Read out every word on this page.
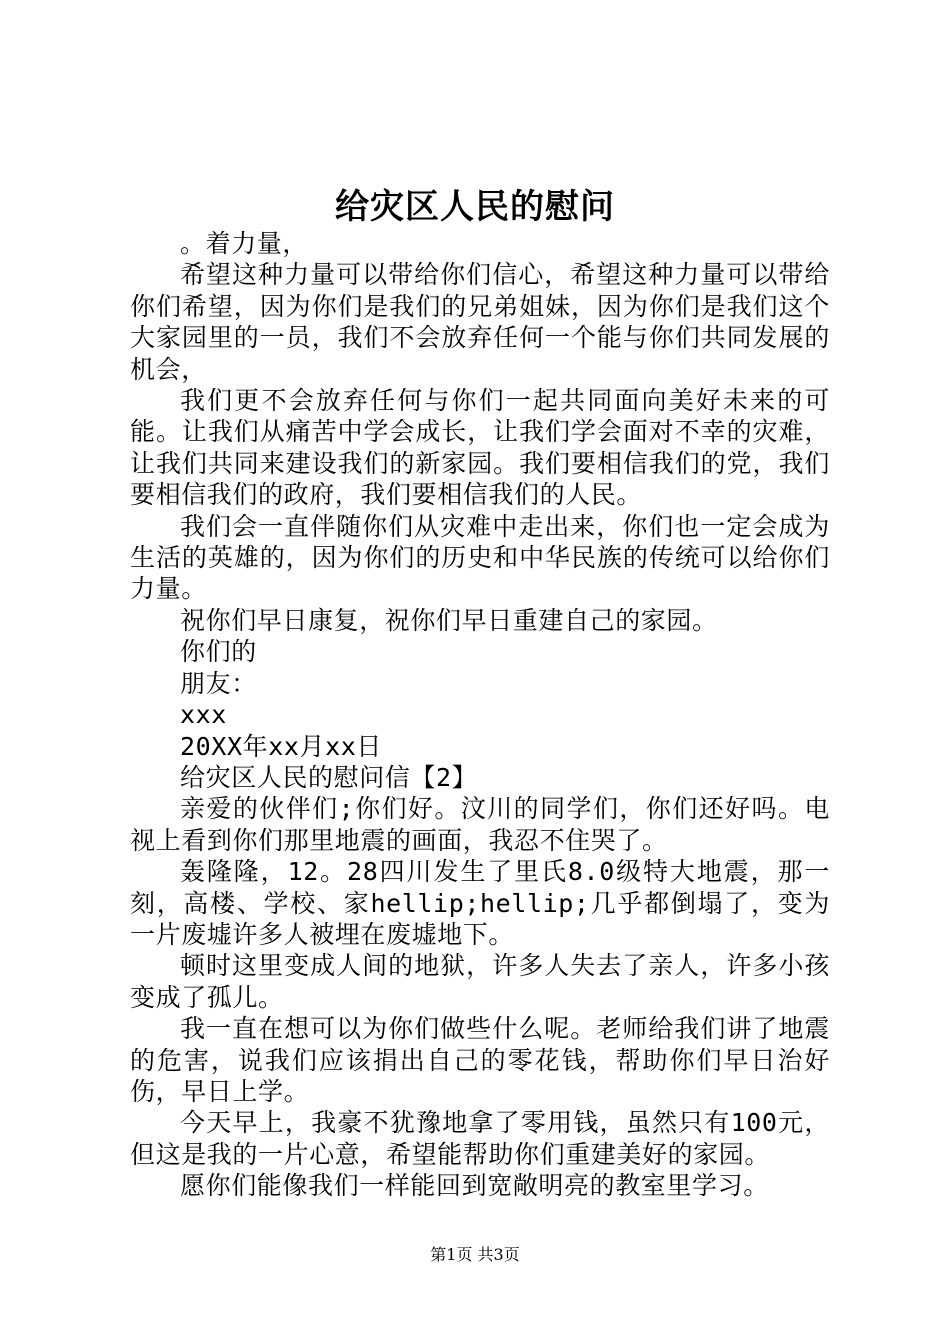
给灾区人民的慰问

。着力量，

希望这种力量可以带给你们信心，希望这种力量可以带给你们希望，因为你们是我们的兄弟姐妹，因为你们是我们这个大家园里的一员，我们不会放弃任何一个能与你们共同发展的机会，

我们更不会放弃任何与你们一起共同面向美好未来的可能。让我们从痛苦中学会成长，让我们学会面对不幸的灾难，让我们共同来建设我们的新家园。我们要相信我们的党，我们要相信我们的政府，我们要相信我们的人民。

我们会一直伴随你们从灾难中走出来，你们也一定会成为生活的英雄的，因为你们的历史和中华民族的传统可以给你们力量。

祝你们早日康复，祝你们早日重建自己的家园。

你们的

朋友：

xxx

20XX年xx月xx日

给灾区人民的慰问信【2】

亲爱的伙伴们;你们好。汶川的同学们，你们还好吗。电视上看到你们那里地震的画面，我忍不住哭了。

轰隆隆，12。28四川发生了里氏8.0级特大地震，那一刻，高楼、学校、家hellip;hellip;几乎都倒塌了，变为一片废墟许多人被埋在废墟地下。

顿时这里变成人间的地狱，许多人失去了亲人，许多小孩变成了孤儿。

我一直在想可以为你们做些什么呢。老师给我们讲了地震的危害，说我们应该捐出自己的零花钱，帮助你们早日治好伤，早日上学。

今天早上，我豪不犹豫地拿了零用钱，虽然只有100元，但这是我的一片心意，希望能帮助你们重建美好的家园。

愿你们能像我们一样能回到宽敞明亮的教室里学习。

第1页 共3页
